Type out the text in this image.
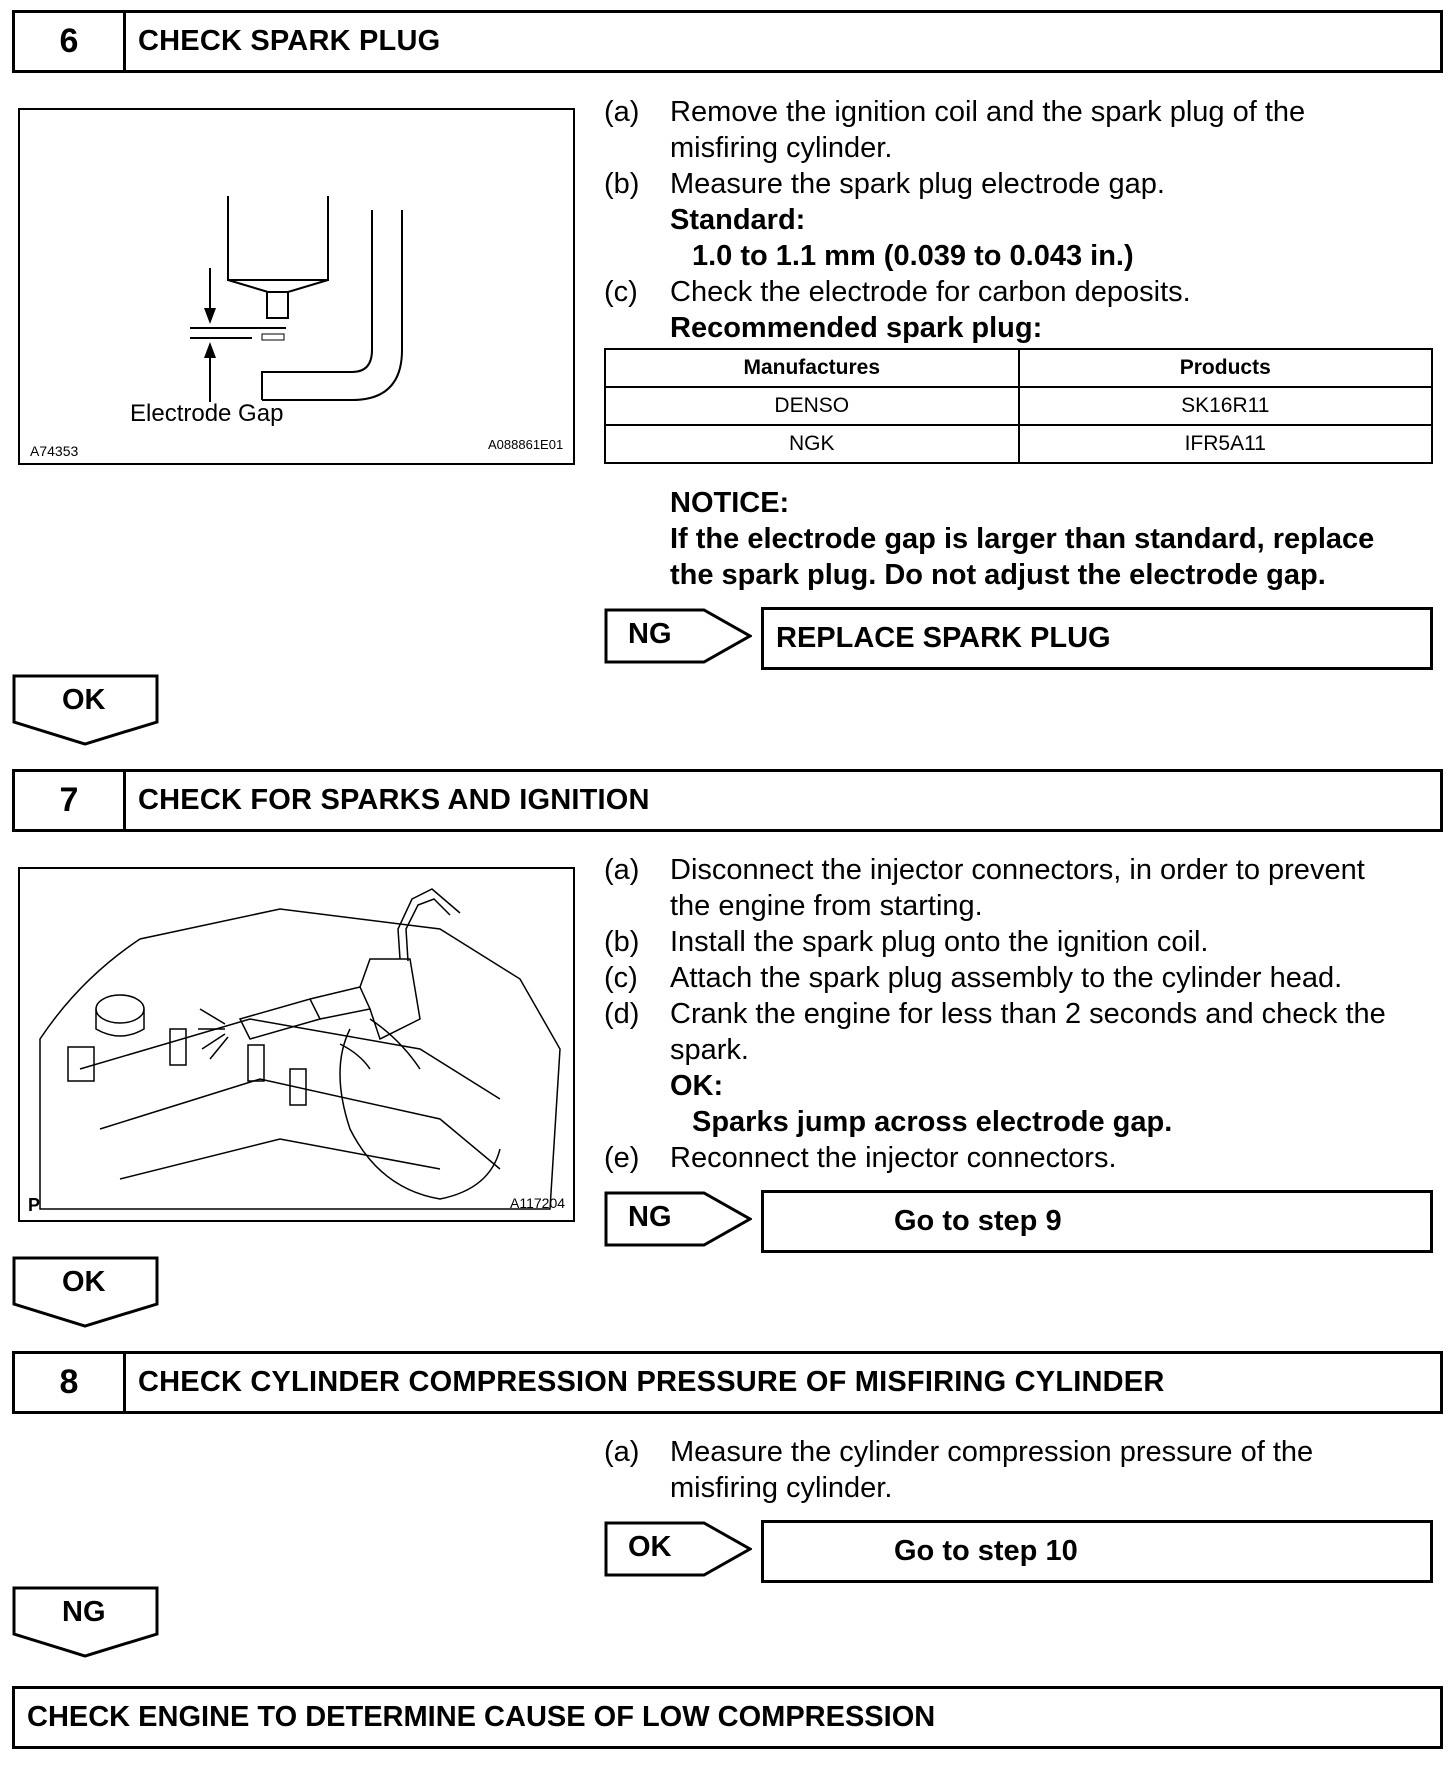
6	CHECK SPARK PLUG
Electrode Gap
A74353	A088861E01
(a)	Remove the ignition coil and the spark plug of the
misfiring cylinder.
(b)	Measure the spark plug electrode gap.
Standard:
1.0 to 1.1 mm (0.039 to 0.043 in.)
(c)	Check the electrode for carbon deposits.
Recommended spark plug:
Manufactures	Products
DENSO	SK16R11
NGK	IFR5A11
NOTICE:
If the electrode gap is larger than standard, replace
the spark plug. Do not adjust the electrode gap.
NG	REPLACE SPARK PLUG
OK
7	CHECK FOR SPARKS AND IGNITION
P	A117204
(a)	Disconnect the injector connectors, in order to prevent
the engine from starting.
(b)	Install the spark plug onto the ignition coil.
(c)	Attach the spark plug assembly to the cylinder head.
(d)	Crank the engine for less than 2 seconds and check the
spark.
OK:
Sparks jump across electrode gap.
(e)	Reconnect the injector connectors.
NG	Go to step 9
OK
8	CHECK CYLINDER COMPRESSION PRESSURE OF MISFIRING CYLINDER
(a)	Measure the cylinder compression pressure of the
misfiring cylinder.
OK	Go to step 10
NG
CHECK ENGINE TO DETERMINE CAUSE OF LOW COMPRESSION
